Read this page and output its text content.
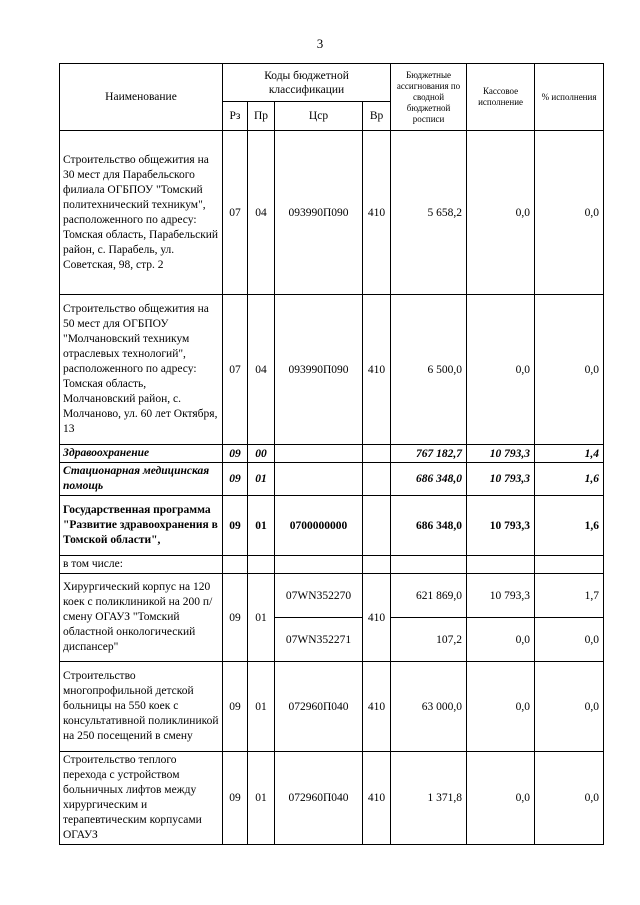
3
Наименование	Коды бюджетной классификации				Бюджетные ассигнования по сводной бюджетной росписи	Кассовое исполнение	% исполнения
	Рз	Пр	Цср	Вр			
Строительство общежития на 30 мест для Парабельского филиала ОГБПОУ "Томский политехнический техникум", расположенного по адресу: Томская область, Парабельский район, с. Парабель, ул. Советская, 98, стр. 2	07	04	093990П090	410	5 658,2	0,0	0,0
Строительство общежития на 50 мест для ОГБПОУ "Молчановский техникум отраслевых технологий", расположенного по адресу: Томская область, Молчановский район, с. Молчаново, ул. 60 лет Октября, 13	07	04	093990П090	410	6 500,0	0,0	0,0
Здравоохранение	09	00			767 182,7	10 793,3	1,4
Стационарная медицинская помощь	09	01			686 348,0	10 793,3	1,6
Государственная программа "Развитие здравоохранения в Томской области",	09	01	0700000000		686 348,0	10 793,3	1,6
в том числе:							
Хирургический корпус на 120 коек с поликлиникой на 200 п/смену ОГАУЗ "Томский областной онкологический диспансер"	09	01	07WN352270	410	621 869,0	10 793,3	1,7
			07WN352271		107,2	0,0	0,0
Строительство многопрофильной детской больницы на 550 коек с консультативной поликлиникой на 250 посещений в смену	09	01	072960П040	410	63 000,0	0,0	0,0
Строительство теплого перехода с устройством больничных лифтов между хирургическим и терапевтическим корпусами ОГАУЗ	09	01	072960П040	410	1 371,8	0,0	0,0
